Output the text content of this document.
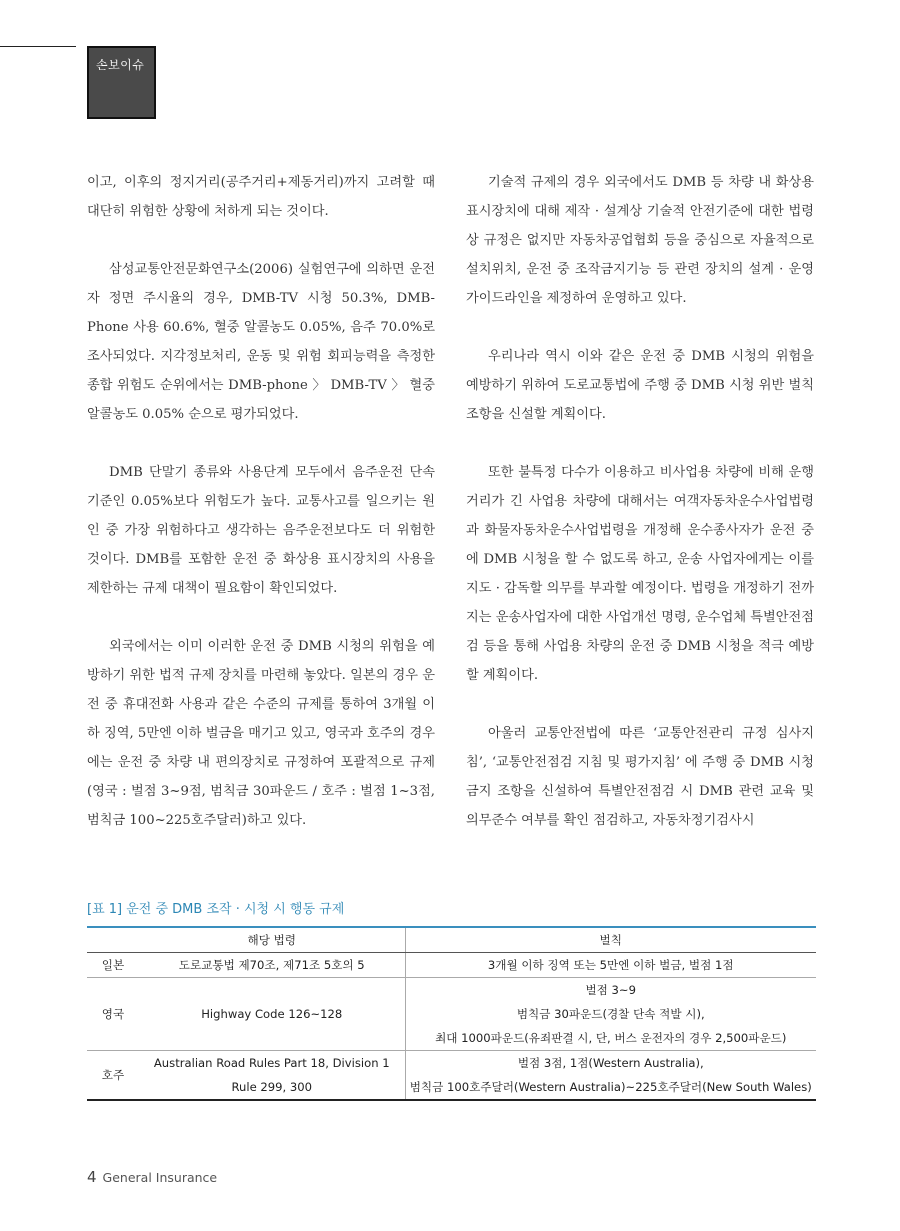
손보이슈

이고, 이후의 정지거리(공주거리+제동거리)까지 고려할 때 대단히 위험한 상황에 처하게 되는 것이다.

삼성교통안전문화연구소(2006) 실험연구에 의하면 운전자 정면 주시율의 경우, DMB-TV 시청 50.3%, DMB-Phone 사용 60.6%, 혈중 알콜농도 0.05%, 음주 70.0%로 조사되었다. 지각정보처리, 운동 및 위험 회피능력을 측정한 종합 위험도 순위에서는 DMB-phone 〉 DMB-TV 〉 혈중 알콜농도 0.05% 순으로 평가되었다.

DMB 단말기 종류와 사용단계 모두에서 음주운전 단속기준인 0.05%보다 위험도가 높다. 교통사고를 일으키는 원인 중 가장 위험하다고 생각하는 음주운전보다도 더 위험한 것이다. DMB를 포함한 운전 중 화상용 표시장치의 사용을 제한하는 규제 대책이 필요함이 확인되었다.

외국에서는 이미 이러한 운전 중 DMB 시청의 위험을 예방하기 위한 법적 규제 장치를 마련해 놓았다. 일본의 경우 운전 중 휴대전화 사용과 같은 수준의 규제를 통하여 3개월 이하 징역, 5만엔 이하 벌금을 매기고 있고, 영국과 호주의 경우에는 운전 중 차량 내 편의장치로 규정하여 포괄적으로 규제(영국 : 벌점 3~9점, 범칙금 30파운드 / 호주 : 벌점 1~3점, 범칙금 100~225호주달러)하고 있다.

기술적 규제의 경우 외국에서도 DMB 등 차량 내 화상용 표시장치에 대해 제작 · 설계상 기술적 안전기준에 대한 법령상 규정은 없지만 자동차공업협회 등을 중심으로 자율적으로 설치위치, 운전 중 조작금지기능 등 관련 장치의 설계 · 운영 가이드라인을 제정하여 운영하고 있다.

우리나라 역시 이와 같은 운전 중 DMB 시청의 위험을 예방하기 위하여 도로교통법에 주행 중 DMB 시청 위반 벌칙 조항을 신설할 계획이다.

또한 불특정 다수가 이용하고 비사업용 차량에 비해 운행거리가 긴 사업용 차량에 대해서는 여객자동차운수사업법령과 화물자동차운수사업법령을 개정해 운수종사자가 운전 중에 DMB 시청을 할 수 없도록 하고, 운송 사업자에게는 이를 지도 · 감독할 의무를 부과할 예정이다. 법령을 개정하기 전까지는 운송사업자에 대한 사업개선 명령, 운수업체 특별안전점검 등을 통해 사업용 차량의 운전 중 DMB 시청을 적극 예방할 계획이다.

아울러 교통안전법에 따른 ‘교통안전관리 규정 심사지침’, ‘교통안전점검 지침 및 평가지침’ 에 주행 중 DMB 시청금지 조항을 신설하여 특별안전점검 시 DMB 관련 교육 및 의무준수 여부를 확인 점검하고, 자동차정기검사시

[표 1] 운전 중 DMB 조작 · 시청 시 행동 규제
	해당 법령	벌칙
일본	도로교통법 제70조, 제71조 5호의 5	3개월 이하 징역 또는 5만엔 이하 벌금, 벌점 1점
영국	Highway Code 126~128	벌점 3~9
		범칙금 30파운드(경찰 단속 적발 시),
		최대 1000파운드(유죄판결 시, 단, 버스 운전자의 경우 2,500파운드)
호주	Australian Road Rules Part 18, Division 1	벌점 3점, 1점(Western Australia),
	Rule 299, 300	범칙금 100호주달러(Western Australia)~225호주달러(New South Wales)
4 General Insurance
